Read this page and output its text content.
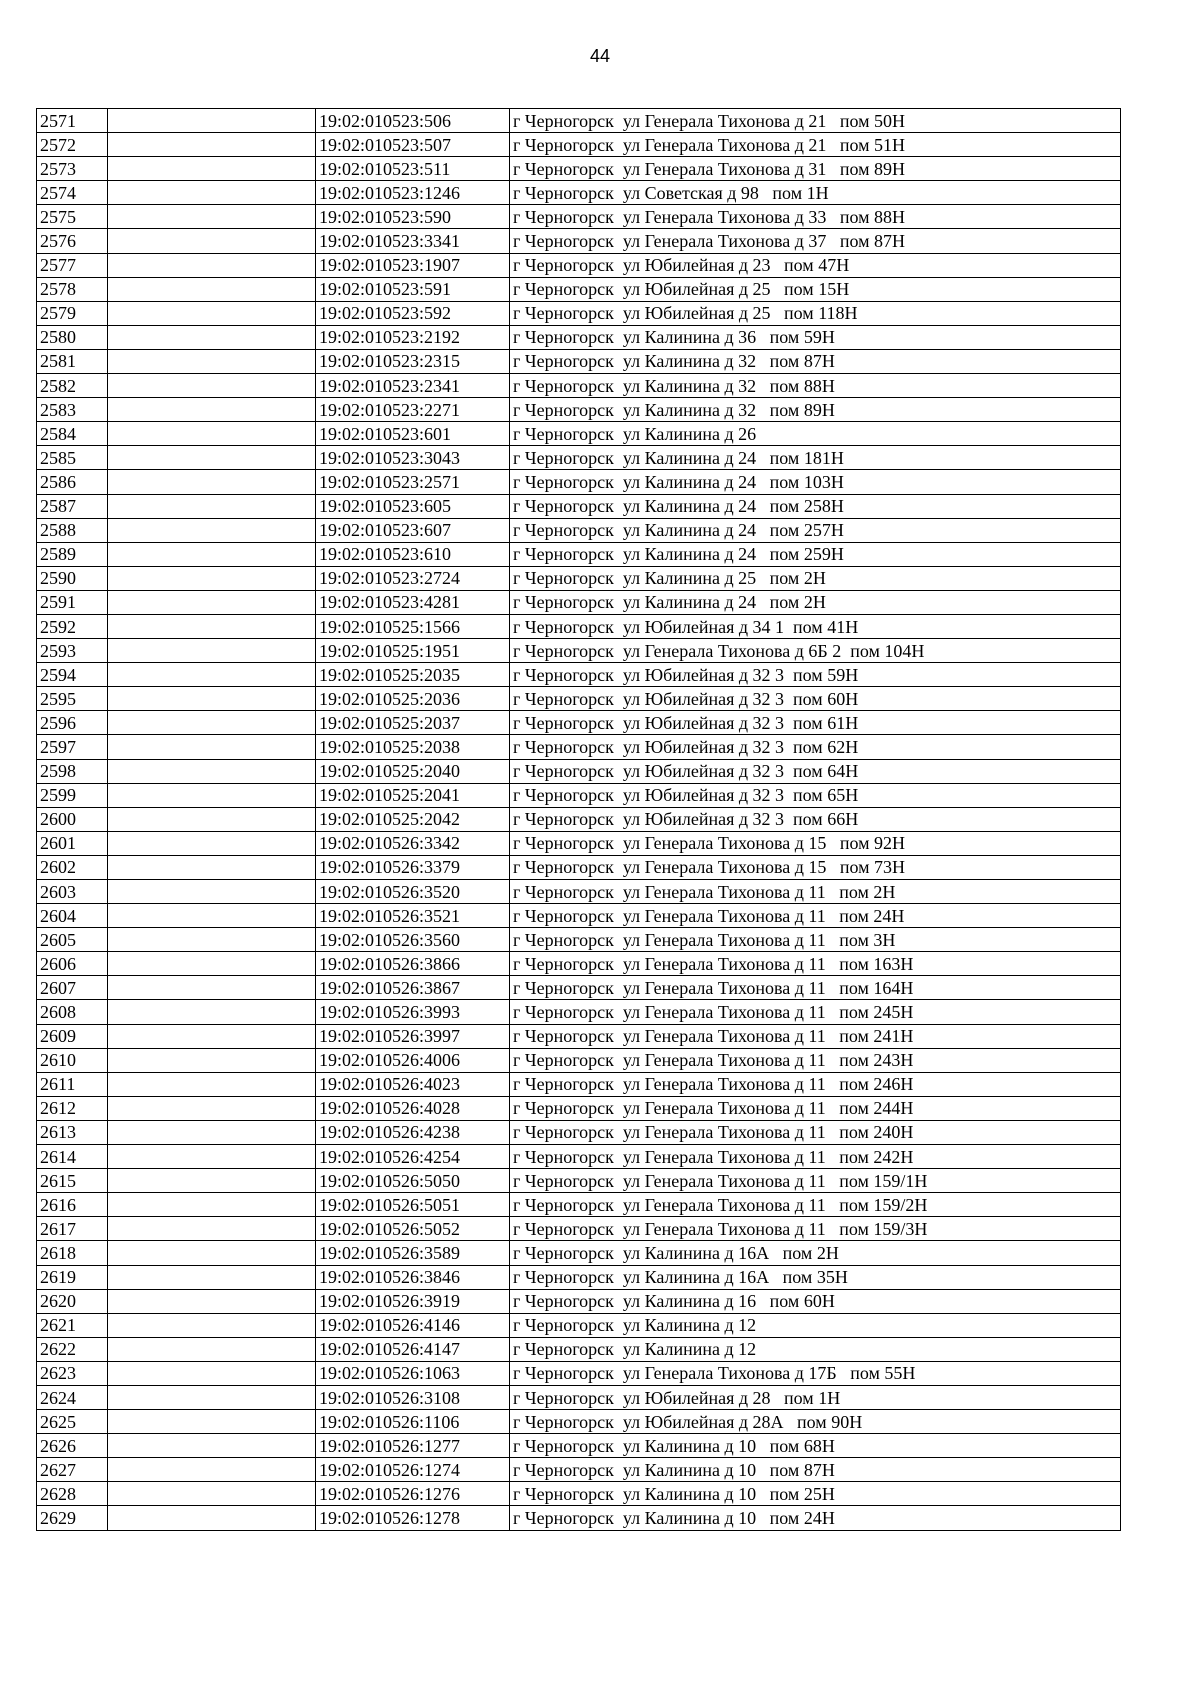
44
2571		19:02:010523:506	г Черногорск  ул Генерала Тихонова д 21   пом 50Н
2572		19:02:010523:507	г Черногорск  ул Генерала Тихонова д 21   пом 51Н
2573		19:02:010523:511	г Черногорск  ул Генерала Тихонова д 31   пом 89Н
2574		19:02:010523:1246	г Черногорск  ул Советская д 98   пом 1Н
2575		19:02:010523:590	г Черногорск  ул Генерала Тихонова д 33   пом 88Н
2576		19:02:010523:3341	г Черногорск  ул Генерала Тихонова д 37   пом 87Н
2577		19:02:010523:1907	г Черногорск  ул Юбилейная д 23   пом 47Н
2578		19:02:010523:591	г Черногорск  ул Юбилейная д 25   пом 15Н
2579		19:02:010523:592	г Черногорск  ул Юбилейная д 25   пом 118Н
2580		19:02:010523:2192	г Черногорск  ул Калинина д 36   пом 59Н
2581		19:02:010523:2315	г Черногорск  ул Калинина д 32   пом 87Н
2582		19:02:010523:2341	г Черногорск  ул Калинина д 32   пом 88Н
2583		19:02:010523:2271	г Черногорск  ул Калинина д 32   пом 89Н
2584		19:02:010523:601	г Черногорск  ул Калинина д 26
2585		19:02:010523:3043	г Черногорск  ул Калинина д 24   пом 181Н
2586		19:02:010523:2571	г Черногорск  ул Калинина д 24   пом 103Н
2587		19:02:010523:605	г Черногорск  ул Калинина д 24   пом 258Н
2588		19:02:010523:607	г Черногорск  ул Калинина д 24   пом 257Н
2589		19:02:010523:610	г Черногорск  ул Калинина д 24   пом 259Н
2590		19:02:010523:2724	г Черногорск  ул Калинина д 25   пом 2Н
2591		19:02:010523:4281	г Черногорск  ул Калинина д 24   пом 2Н
2592		19:02:010525:1566	г Черногорск  ул Юбилейная д 34 1  пом 41Н
2593		19:02:010525:1951	г Черногорск  ул Генерала Тихонова д 6Б 2  пом 104Н
2594		19:02:010525:2035	г Черногорск  ул Юбилейная д 32 3  пом 59Н
2595		19:02:010525:2036	г Черногорск  ул Юбилейная д 32 3  пом 60Н
2596		19:02:010525:2037	г Черногорск  ул Юбилейная д 32 3  пом 61Н
2597		19:02:010525:2038	г Черногорск  ул Юбилейная д 32 3  пом 62Н
2598		19:02:010525:2040	г Черногорск  ул Юбилейная д 32 3  пом 64Н
2599		19:02:010525:2041	г Черногорск  ул Юбилейная д 32 3  пом 65Н
2600		19:02:010525:2042	г Черногорск  ул Юбилейная д 32 3  пом 66Н
2601		19:02:010526:3342	г Черногорск  ул Генерала Тихонова д 15   пом 92Н
2602		19:02:010526:3379	г Черногорск  ул Генерала Тихонова д 15   пом 73Н
2603		19:02:010526:3520	г Черногорск  ул Генерала Тихонова д 11   пом 2Н
2604		19:02:010526:3521	г Черногорск  ул Генерала Тихонова д 11   пом 24Н
2605		19:02:010526:3560	г Черногорск  ул Генерала Тихонова д 11   пом 3Н
2606		19:02:010526:3866	г Черногорск  ул Генерала Тихонова д 11   пом 163Н
2607		19:02:010526:3867	г Черногорск  ул Генерала Тихонова д 11   пом 164Н
2608		19:02:010526:3993	г Черногорск  ул Генерала Тихонова д 11   пом 245Н
2609		19:02:010526:3997	г Черногорск  ул Генерала Тихонова д 11   пом 241Н
2610		19:02:010526:4006	г Черногорск  ул Генерала Тихонова д 11   пом 243Н
2611		19:02:010526:4023	г Черногорск  ул Генерала Тихонова д 11   пом 246Н
2612		19:02:010526:4028	г Черногорск  ул Генерала Тихонова д 11   пом 244Н
2613		19:02:010526:4238	г Черногорск  ул Генерала Тихонова д 11   пом 240Н
2614		19:02:010526:4254	г Черногорск  ул Генерала Тихонова д 11   пом 242Н
2615		19:02:010526:5050	г Черногорск  ул Генерала Тихонова д 11   пом 159/1Н
2616		19:02:010526:5051	г Черногорск  ул Генерала Тихонова д 11   пом 159/2Н
2617		19:02:010526:5052	г Черногорск  ул Генерала Тихонова д 11   пом 159/3Н
2618		19:02:010526:3589	г Черногорск  ул Калинина д 16А   пом 2Н
2619		19:02:010526:3846	г Черногорск  ул Калинина д 16А   пом 35Н
2620		19:02:010526:3919	г Черногорск  ул Калинина д 16   пом 60Н
2621		19:02:010526:4146	г Черногорск  ул Калинина д 12
2622		19:02:010526:4147	г Черногорск  ул Калинина д 12
2623		19:02:010526:1063	г Черногорск  ул Генерала Тихонова д 17Б   пом 55Н
2624		19:02:010526:3108	г Черногорск  ул Юбилейная д 28   пом 1Н
2625		19:02:010526:1106	г Черногорск  ул Юбилейная д 28А   пом 90Н
2626		19:02:010526:1277	г Черногорск  ул Калинина д 10   пом 68Н
2627		19:02:010526:1274	г Черногорск  ул Калинина д 10   пом 87Н
2628		19:02:010526:1276	г Черногорск  ул Калинина д 10   пом 25Н
2629		19:02:010526:1278	г Черногорск  ул Калинина д 10   пом 24Н
